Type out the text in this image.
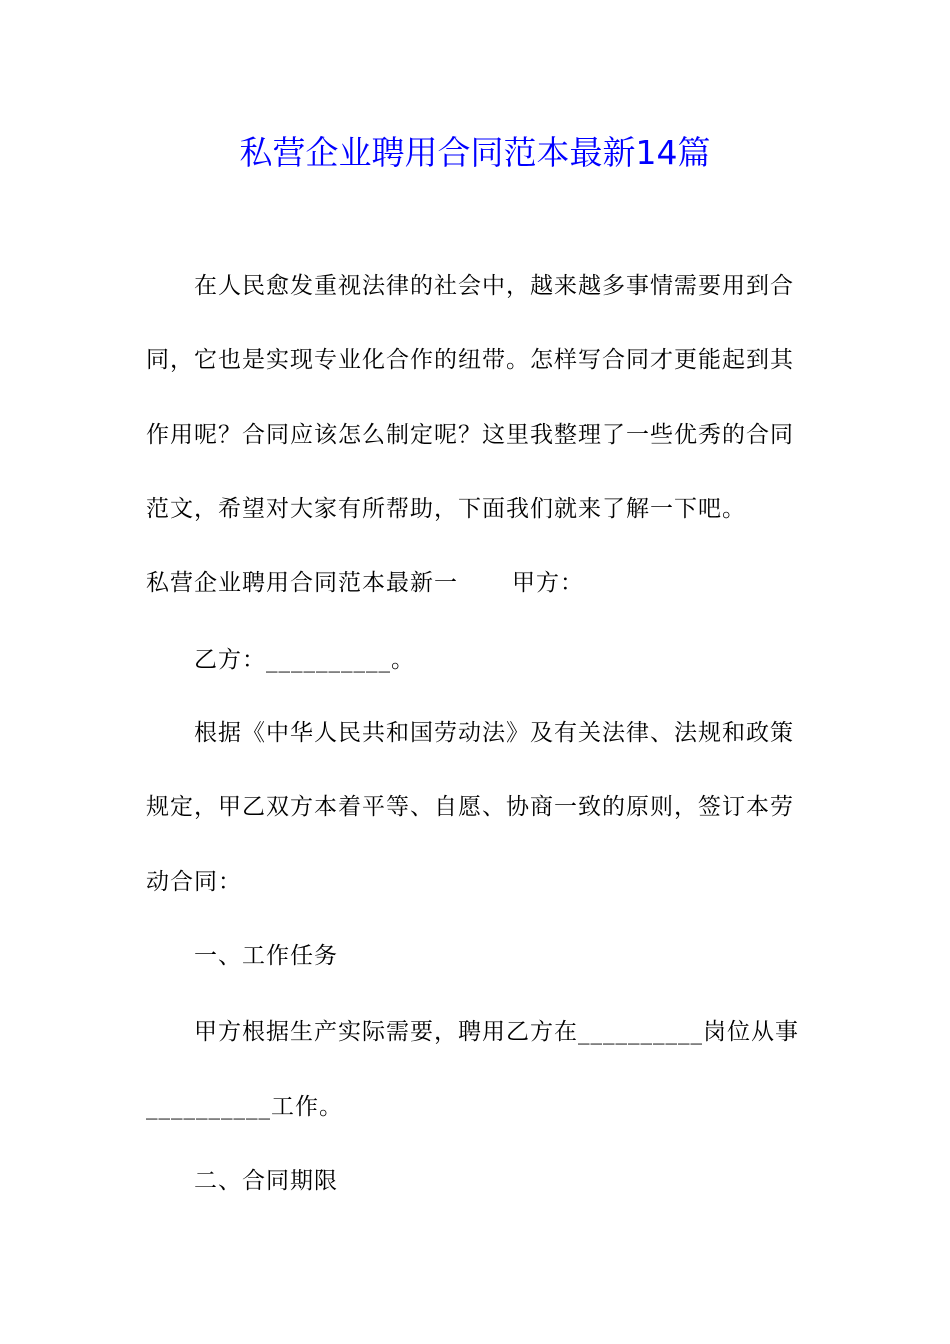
私营企业聘用合同范本最新14篇
在人民愈发重视法律的社会中，越来越多事情需要用到合
同，它也是实现专业化合作的纽带。怎样写合同才更能起到其
作用呢？合同应该怎么制定呢？这里我整理了一些优秀的合同
范文，希望对大家有所帮助，下面我们就来了解一下吧。
私营企业聘用合同范本最新一 甲方：
乙方：__________。
根据《中华人民共和国劳动法》及有关法律、法规和政策
规定，甲乙双方本着平等、自愿、协商一致的原则，签订本劳
动合同：
一、工作任务
甲方根据生产实际需要，聘用乙方在__________岗位从事
__________工作。
二、合同期限
